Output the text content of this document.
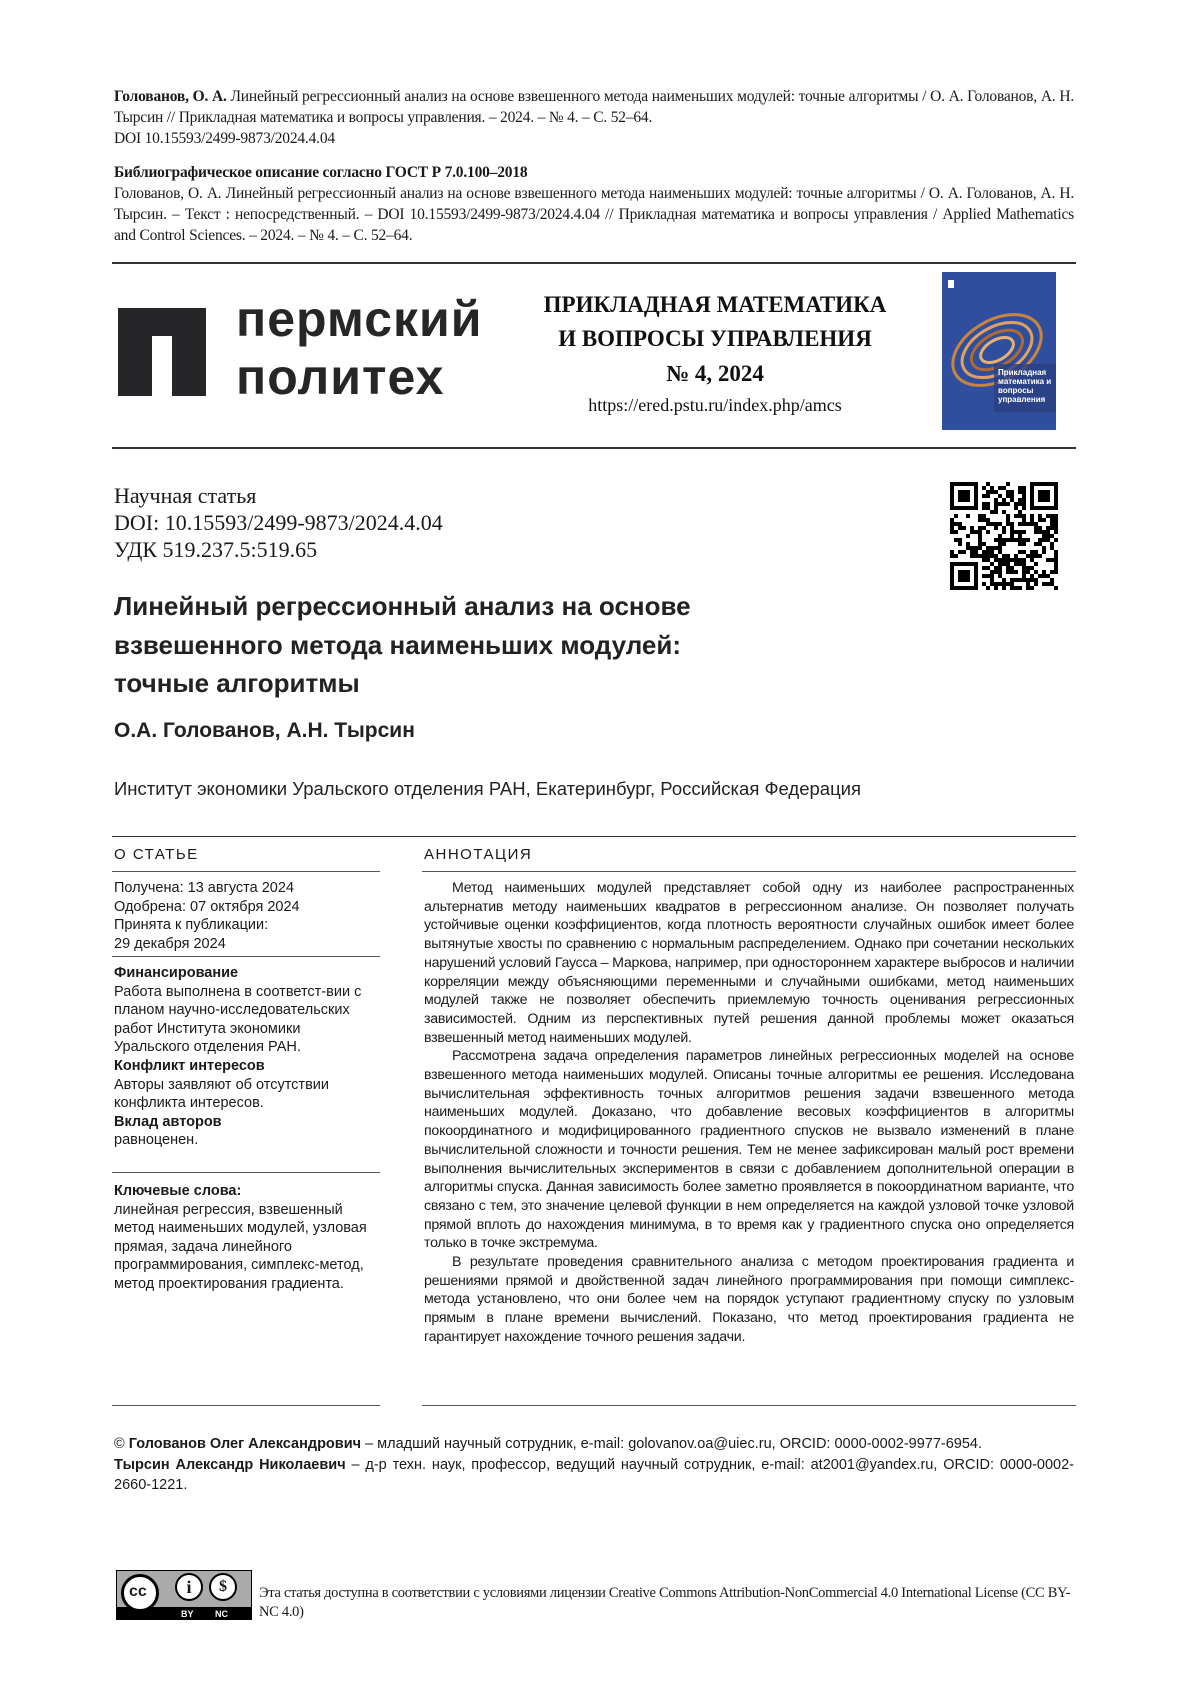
Голованов, О. А. Линейный регрессионный анализ на основе взвешенного метода наименьших модулей: точные алгоритмы / О. А. Голованов, А. Н. Тырсин // Прикладная математика и вопросы управления. – 2024. – № 4. – С. 52–64.
DOI 10.15593/2499-9873/2024.4.04
Библиографическое описание согласно ГОСТ Р 7.0.100–2018
Голованов, О. А. Линейный регрессионный анализ на основе взвешенного метода наименьших модулей: точные алгоритмы / О. А. Голованов, А. Н. Тырсин. – Текст : непосредственный. – DOI 10.15593/2499-9873/2024.4.04 // Прикладная математика и вопросы управления / Applied Mathematics and Control Sciences. – 2024. – № 4. – С. 52–64.
пермский
политех
ПРИКЛАДНАЯ МАТЕМАТИКА
И ВОПРОСЫ УПРАВЛЕНИЯ
№ 4, 2024
https://ered.pstu.ru/index.php/amcs
Прикладная математика и вопросы управления
Научная статья
DOI: 10.15593/2499-9873/2024.4.04
УДК 519.237.5:519.65
Линейный регрессионный анализ на основе
взвешенного метода наименьших модулей:
точные алгоритмы
О.А. Голованов, А.Н. Тырсин
Институт экономики Уральского отделения РАН, Екатеринбург, Российская Федерация
О СТАТЬЕ

Получена: 13 августа 2024

Одобрена: 07 октября 2024

Принята к публикации:

29 декабря 2024

Финансирование

Работа выполнена в соответст-вии с планом научно-исследовательских работ Института экономики Уральского отделения РАН.

Конфликт интересов

Авторы заявляют об отсутствии конфликта интересов.

Вклад авторов

равноценен.

Ключевые слова:

линейная регрессия, взвешенный метод наименьших модулей, узловая прямая, задача линейного программирования, симплекс-метод, метод проектирования градиента.

АННОТАЦИЯ

Метод наименьших модулей представляет собой одну из наиболее распространенных альтернатив методу наименьших квадратов в регрессионном анализе. Он позволяет получать устойчивые оценки коэффициентов, когда плотность вероятности случайных ошибок имеет более вытянутые хвосты по сравнению с нормальным распределением. Однако при сочетании нескольких нарушений условий Гаусса – Маркова, например, при одностороннем характере выбросов и наличии корреляции между объясняющими переменными и случайными ошибками, метод наименьших модулей также не позволяет обеспечить приемлемую точность оценивания регрессионных зависимостей. Одним из перспективных путей решения данной проблемы может оказаться взвешенный метод наименьших модулей.

Рассмотрена задача определения параметров линейных регрессионных моделей на основе взвешенного метода наименьших модулей. Описаны точные алгоритмы ее решения. Исследована вычислительная эффективность точных алгоритмов решения задачи взвешенного метода наименьших модулей. Доказано, что добавление весовых коэффициентов в алгоритмы покоординатного и модифицированного градиентного спусков не вызвало изменений в плане вычислительной сложности и точности решения. Тем не менее зафиксирован малый рост времени выполнения вычислительных экспериментов в связи с добавлением дополнительной операции в алгоритмы спуска. Данная зависимость более заметно проявляется в покоординатном варианте, что связано с тем, это значение целевой функции в нем определяется на каждой узловой точке узловой прямой вплоть до нахождения минимума, в то время как у градиентного спуска оно определяется только в точке экстремума.

В результате проведения сравнительного анализа с методом проектирования градиента и решениями прямой и двойственной задач линейного программирования при помощи симплекс-метода установлено, что они более чем на порядок уступают градиентному спуску по узловым прямым в плане времени вычислений. Показано, что метод проектирования градиента не гарантирует нахождение точного решения задачи.

© Голованов Олег Александрович – младший научный сотрудник, e-mail: golovanov.oa@uiec.ru, ORCID: 0000-0002-9977-6954.
Тырсин Александр Николаевич – д-р техн. наук, профессор, ведущий научный сотрудник, e-mail: at2001@yandex.ru, ORCID: 0000-0002-2660-1221.
cc	i	$
BY NC
Эта статья доступна в соответствии с условиями лицензии Creative Commons Attribution-NonCommercial 4.0 International License (CC BY-NC 4.0)
